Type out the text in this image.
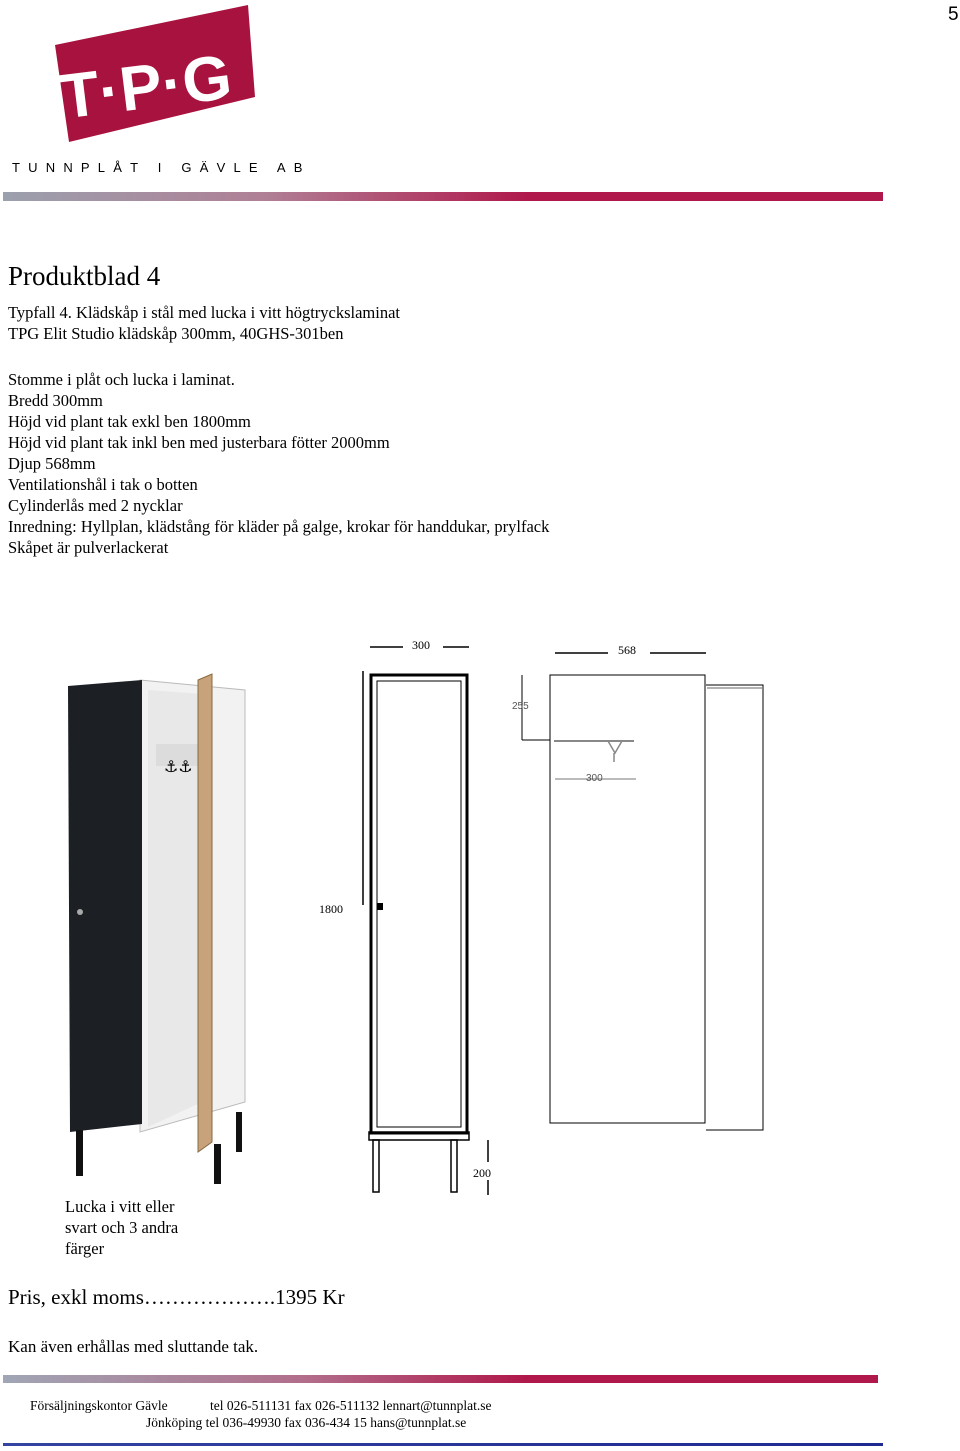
5
T·P·G
TUNNPLÅT I GÄVLE AB
Produktblad 4
Typfall 4. Klädskåp i stål med lucka i vitt högtryckslaminat
TPG Elit Studio klädskåp 300mm, 40GHS-301ben
Stomme i plåt och lucka i laminat.
Bredd 300mm
Höjd vid plant tak exkl ben 1800mm
Höjd vid plant tak inkl ben med justerbara fötter 2000mm
Djup 568mm
Ventilationshål i tak o botten
Cylinderlås med 2 nycklar
Inredning: Hyllplan, klädstång för kläder på galge, krokar för handdukar, prylfack
Skåpet är pulverlackerat
⚓⚓
300
1800
200
568
255
300
Lucka i vitt eller
svart och 3 andra
färger
Pris, exkl moms……………….1395 Kr
Kan även erhållas med sluttande tak.
Försäljningskontor Gävle	tel 026-511131 fax 026-511132 lennart@tunnplat.se
Jönköping tel 036-49930 fax 036-434 15 hans@tunnplat.se
